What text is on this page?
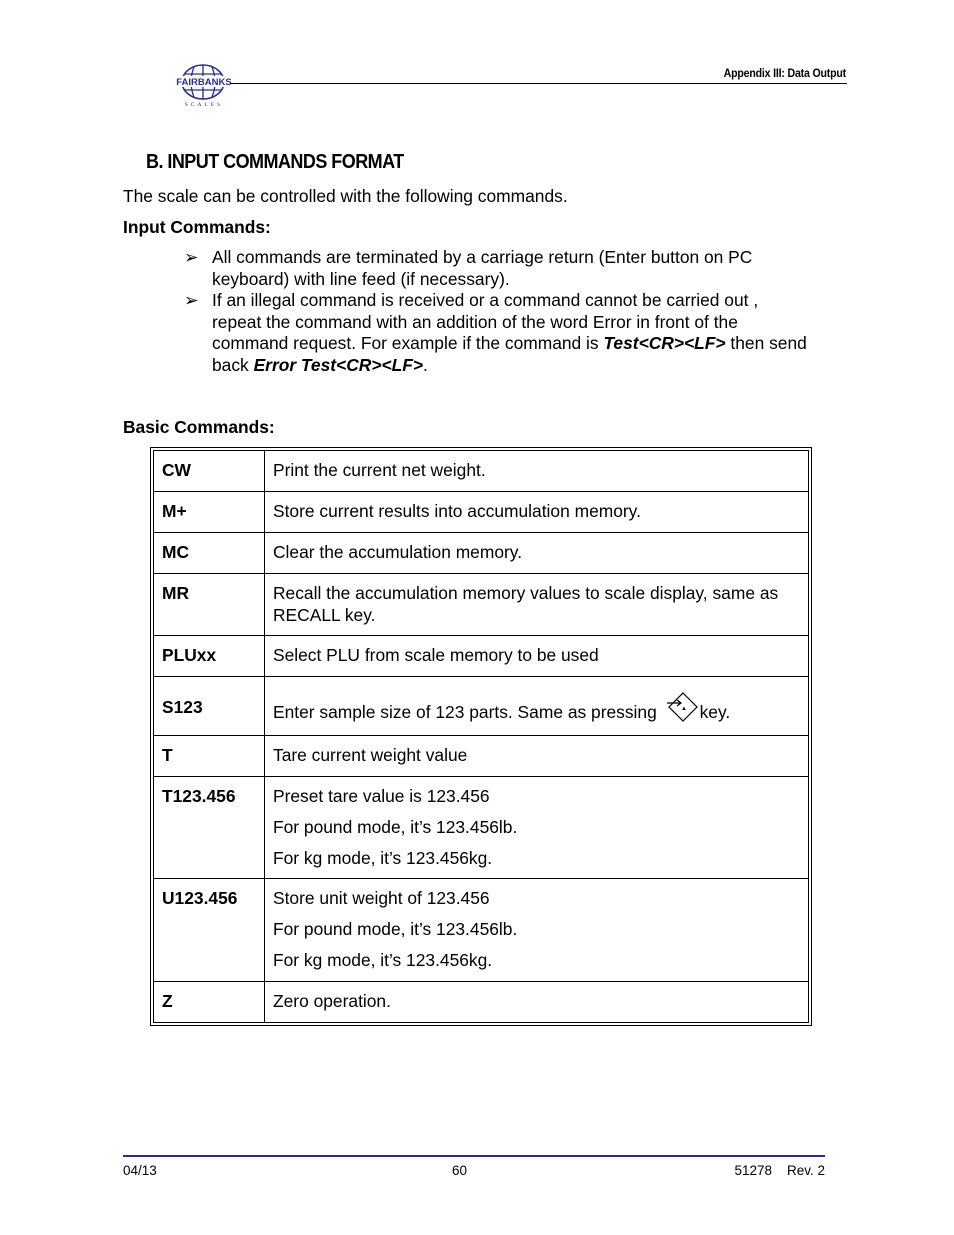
FAIRBANKS
SCALES
Appendix III: Data Output
B. INPUT COMMANDS FORMAT
The scale can be controlled with the following commands.
Input Commands:
➢ All commands are terminated by a carriage return (Enter button on PC keyboard) with line feed (if necessary).
➢ If an illegal command is received or a command cannot be carried out , repeat the command with an addition of the word Error in front of the command request. For example if the command is Test<CR><LF> then send back Error Test<CR><LF>.
Basic Commands:
CW	Print the current net weight.
M+	Store current results into accumulation memory.
MC	Clear the accumulation memory.
MR	Recall the accumulation memory values to scale display, same as RECALL key.

PLUxx	Select PLU from scale memory to be used
S123	Enter sample size of 123 parts. Same as pressing ▲ key.
T	Tare current weight value
T123.456	Preset tare value is 123.456

For pound mode, it’s 123.456lb.

For kg mode, it’s 123.456kg.

U123.456	Store unit weight of 123.456

For pound mode, it’s 123.456lb.

For kg mode, it’s 123.456kg.

Z	Zero operation.
04/13	60	51278    Rev. 2
